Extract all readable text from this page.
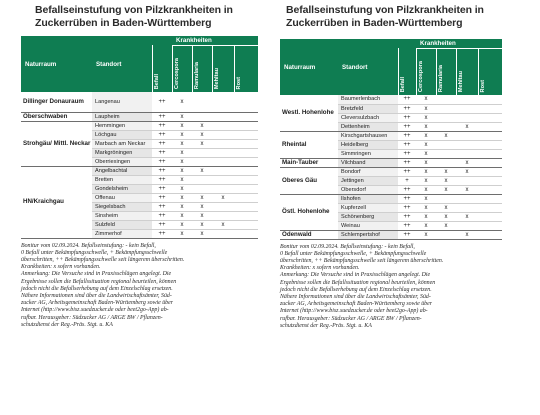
Befallseinstufung von Pilzkrankheiten in
Zuckerrüben in Baden-Württemberg
Naturraum	Standort		Krankheiten			

		Befall	Cercospora	Ramularia	Mehltau	Rost

Dillinger Donauraum	Langenau	++	x			
Oberschwaben	Laupheim	++	x			
Strohgäu/ Mittl. Neckar	Hemmingen	++	x	x		
	Löchgau	++	x	x		
	Marbach am Neckar	++	x	x		
	Markgröningen	++	x			
	Oberriexingen	++	x			
HN/Kraichgau	Angelbachtal	++	x	x		
	Bretten	++	x			
	Gondelsheim	++	x			
	Offenau	++	x	x	x	
	Siegelsbach	++	x	x		
	Sinsheim	++	x	x		
	Sulzfeld	++	x	x	x	
	Zimmerhof	++	x	x		

Bonitur vom 02.09.2024. Befallseinstufung: - kein Befall,

0 Befall unter Bekämpfungsschwelle, + Bekämpfungsschwelle

überschritten, ++ Bekämpfungsschwelle seit längerem überschritten.

Krankheiten: x sofern vorhanden.

Anmerkung: Die Versuche sind in Praxisschlägen angelegt. Die

Ergebnisse sollen die Befallssituation regional beurteilen, können

jedoch nicht die Befallserhebung auf dem Einzelschlag ersetzen.

Nähere Informationen sind über die Landwirtschaftsämter, Süd-

zucker AG, Arbeitsgemeinschaft Baden-Württemberg sowie über

Internet (http://www.bisz.suedzucker.de oder beet2go-App) ab-

rufbar. Herausgeber: Südzucker AG / ARGE BW / Pflanzen-

schutzdienst der Reg.-Präs. Stgt. u. KA

Befallseinstufung von Pilzkrankheiten in
Zuckerrüben in Baden-Württemberg
Naturraum	Standort		Krankheiten			

		Befall	Cercospora	Ramularia	Mehltau	Rost

Westl. Hohenlohe	Baumerlenbach	++	x			
	Bretzfeld	++	x			
	Cleversulzbach	++	x			
	Dettenheim	++	x		x	
Rheintal	Kirschgartshausen	++	x	x		
	Heidelberg	++	x			
	Simmringen	++	x			
Main-Tauber	Vilchband	++	x		x	
Oberes Gäu	Bondorf	++	x	x	x	
	Jettingen	+	x	x		
	Obersdorf	++	x	x	x	
Östl. Hohenlohe	Ilshofen	++	x			
	Kupferzell	++	x	x		
	Schönenberg	++	x	x	x	
	Weinau	++	x	x		
Odenwald	Schlempertshof	++	x		x	

Bonitur vom 02.09.2024. Befallseinstufung: - kein Befall,

0 Befall unter Bekämpfungsschwelle, + Bekämpfungsschwelle

überschritten, ++ Bekämpfungsschwelle seit längerem überschritten.

Krankheiten: x sofern vorhanden.

Anmerkung: Die Versuche sind in Praxisschlägen angelegt. Die

Ergebnisse sollen die Befallssituation regional beurteilen, können

jedoch nicht die Befallserhebung auf dem Einzelschlag ersetzen.

Nähere Informationen sind über die Landwirtschaftsämter, Süd-

zucker AG, Arbeitsgemeinschaft Baden-Württemberg sowie über

Internet (http://www.bisz.suedzucker.de oder beet2go-App) ab-

rufbar. Herausgeber: Südzucker AG / ARGE BW / Pflanzen-

schutzdienst der Reg.-Präs. Stgt. u. KA
